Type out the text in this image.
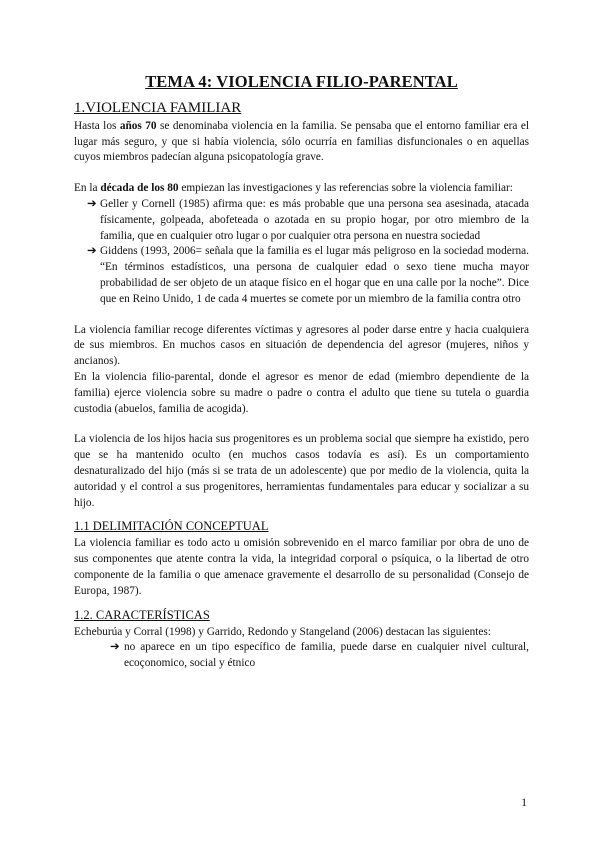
TEMA 4: VIOLENCIA FILIO-PARENTAL
1.VIOLENCIA FAMILIAR

Hasta los años 70 se denominaba violencia en la familia. Se pensaba que el entorno familiar era el lugar más seguro, y que si había violencia, sólo ocurría en familias disfuncionales o en aquellas cuyos miembros padecían alguna psicopatología grave.

En la década de los 80 empiezan las investigaciones y las referencias sobre la violencia familiar:

➔ Geller y Cornell (1985) afirma que: es más probable que una persona sea asesinada, atacada físicamente, golpeada, abofeteada o azotada en su propio hogar, por otro miembro de la familia, que en cualquier otro lugar o por cualquier otra persona en nuestra sociedad
➔ Giddens (1993, 2006= señala que la familia es el lugar más peligroso en la sociedad moderna. “En términos estadísticos, una persona de cualquier edad o sexo tiene mucha mayor probabilidad de ser objeto de un ataque físico en el hogar que en una calle por la noche”. Dice que en Reino Unido, 1 de cada 4 muertes se comete por un miembro de la familia contra otro

La violencia familiar recoge diferentes víctimas y agresores al poder darse entre y hacia cualquiera de sus miembros. En muchos casos en situación de dependencia del agresor (mujeres, niños y ancianos).

En la violencia filio-parental, donde el agresor es menor de edad (miembro dependiente de la familia) ejerce violencia sobre su madre o padre o contra el adulto que tiene su tutela o guardia custodia (abuelos, familia de acogida).

La violencia de los hijos hacia sus progenitores es un problema social que siempre ha existido, pero que se ha mantenido oculto (en muchos casos todavía es así). Es un comportamiento desnaturalizado del hijo (más si se trata de un adolescente) que por medio de la violencia, quita la autoridad y el control a sus progenitores, herramientas fundamentales para educar y socializar a su hijo.

1.1 DELIMITACIÓN CONCEPTUAL

La violencia familiar es todo acto u omisión sobrevenido en el marco familiar por obra de uno de sus componentes que atente contra la vida, la integridad corporal o psíquica, o la libertad de otro componente de la familia o que amenace gravemente el desarrollo de su personalidad (Consejo de Europa, 1987).

1.2. CARACTERÍSTICAS

Echeburúa y Corral (1998) y Garrido, Redondo y Stangeland (2006) destacan las siguientes:

➔ no aparece en un tipo específico de familia, puede darse en cualquier nivel cultural, ecoçonomico, social y étnico
1
